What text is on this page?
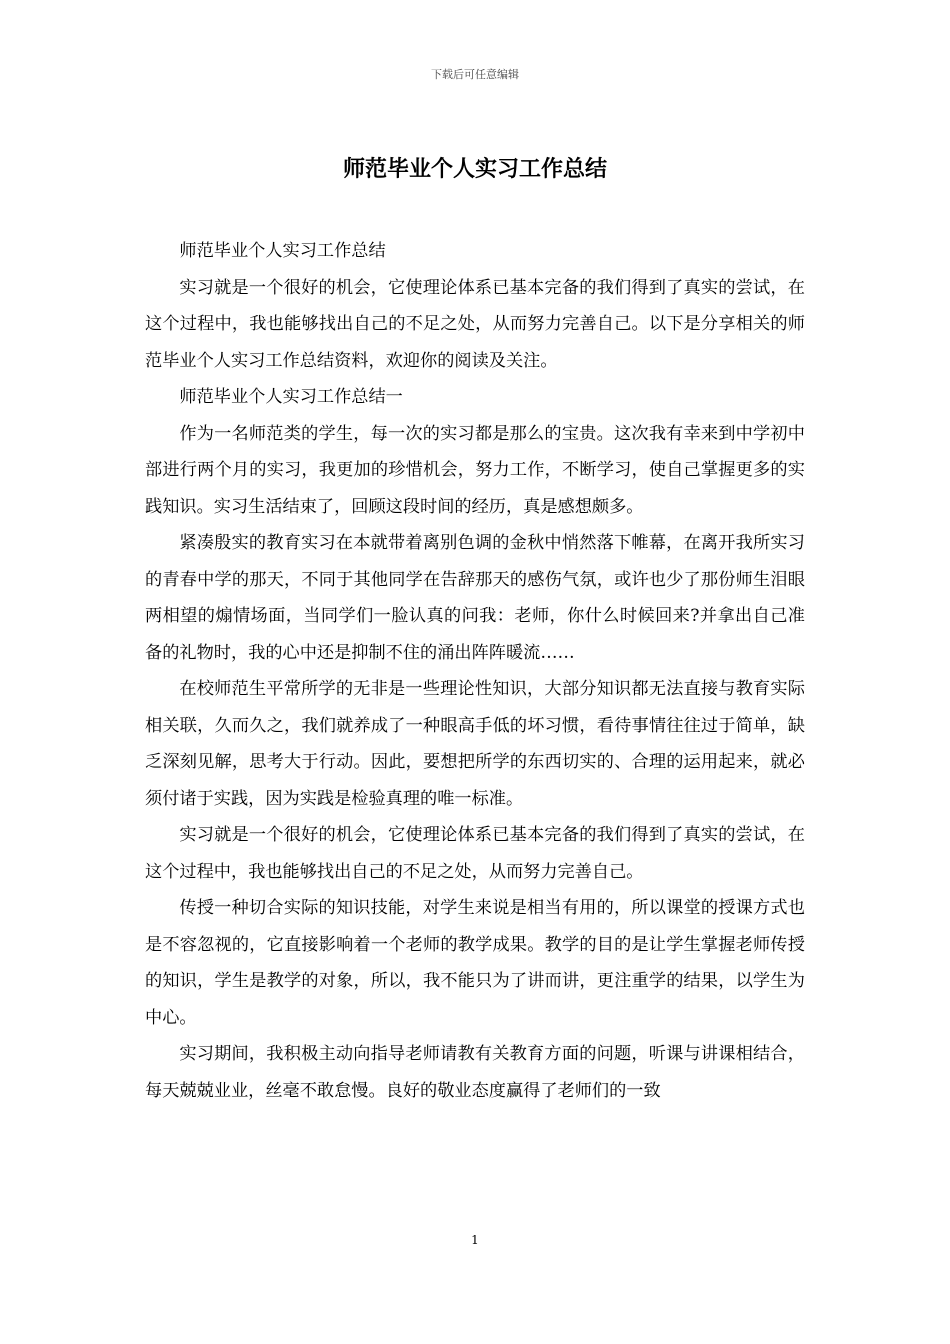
下载后可任意编辑
师范毕业个人实习工作总结

师范毕业个人实习工作总结

实习就是一个很好的机会，它使理论体系已基本完备的我们得到了真实的尝试，在这个过程中，我也能够找出自己的不足之处，从而努力完善自己。以下是分享相关的师范毕业个人实习工作总结资料，欢迎你的阅读及关注。

师范毕业个人实习工作总结一

作为一名师范类的学生，每一次的实习都是那么的宝贵。这次我有幸来到中学初中部进行两个月的实习，我更加的珍惜机会，努力工作，不断学习，使自己掌握更多的实践知识。实习生活结束了，回顾这段时间的经历，真是感想颇多。

紧凑殷实的教育实习在本就带着离别色调的金秋中悄然落下帷幕，在离开我所实习的青春中学的那天，不同于其他同学在告辞那天的感伤气氛，或许也少了那份师生泪眼两相望的煽情场面，当同学们一脸认真的问我：老师，你什么时候回来?并拿出自己准备的礼物时，我的心中还是抑制不住的涌出阵阵暖流……

在校师范生平常所学的无非是一些理论性知识，大部分知识都无法直接与教育实际相关联，久而久之，我们就养成了一种眼高手低的坏习惯，看待事情往往过于简单，缺乏深刻见解，思考大于行动。因此，要想把所学的东西切实的、合理的运用起来，就必须付诸于实践，因为实践是检验真理的唯一标准。

实习就是一个很好的机会，它使理论体系已基本完备的我们得到了真实的尝试，在这个过程中，我也能够找出自己的不足之处，从而努力完善自己。

传授一种切合实际的知识技能，对学生来说是相当有用的，所以课堂的授课方式也是不容忽视的，它直接影响着一个老师的教学成果。教学的目的是让学生掌握老师传授的知识，学生是教学的对象，所以，我不能只为了讲而讲，更注重学的结果，以学生为中心。

实习期间，我积极主动向指导老师请教有关教育方面的问题，听课与讲课相结合，每天兢兢业业，丝毫不敢怠慢。良好的敬业态度赢得了老师们的一致

1
